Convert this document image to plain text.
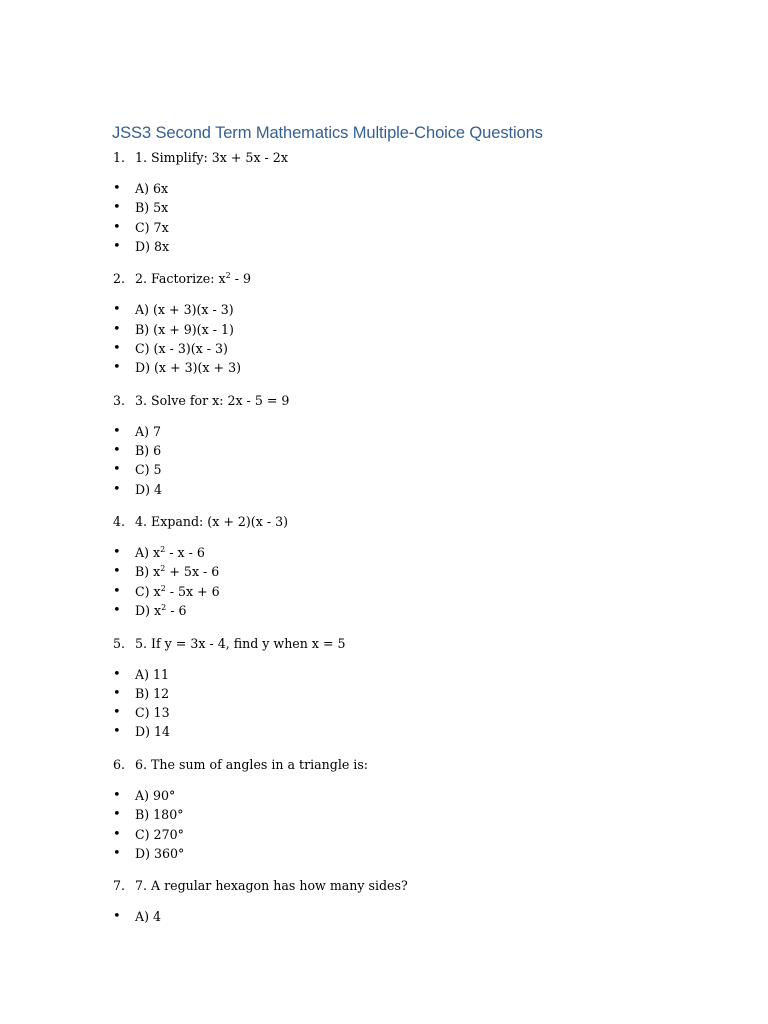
JSS3 Second Term Mathematics Multiple-Choice Questions
1. 1. Simplify: 3x + 5x - 2x
• A) 6x
• B) 5x
• C) 7x
• D) 8x
2. 2. Factorize: $x^2 - 9$
• A) (x + 3)(x - 3)
• B) (x + 9)(x - 1)
• C) (x - 3)(x - 3)
• D) (x + 3)(x + 3)
3. 3. Solve for x: 2x - 5 = 9
• A) 7
• B) 6
• C) 5
• D) 4
4. 4. Expand: (x + 2)(x - 3)
• A) $x^2$ - x - 6
• B) $x^2 + 5x - 6$
• C) $x^2 - 5x + 6$
• D) $x^2 - 6$
5. 5. If y = 3x - 4, find y when x = 5
• A) 11
• B) 12
• C) 13
• D) 14
6. 6. The sum of angles in a triangle is:
• A) 90°
• B) 180°
• C) 270°
• D) 360°
7. 7. A regular hexagon has how many sides?
• A) 4
